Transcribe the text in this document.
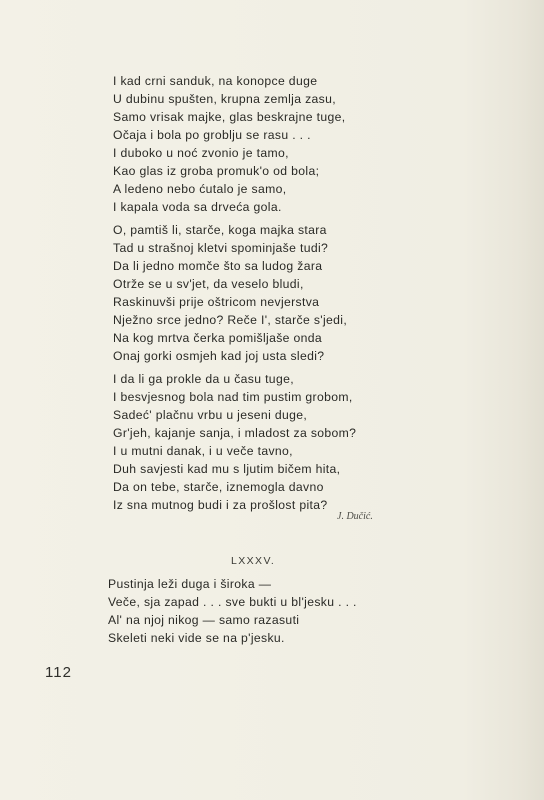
I kad crni sanduk, na konopce duge
U dubinu spušten, krupna zemlja zasu,
Samo vrisak majke, glas beskrajne tuge,
Očaja i bola po groblju se rasu . . .
I duboko u noć zvonio je tamo,
Kao glas iz groba promuk'o od bola;
A ledeno nebo ćutalo je samo,
I kapala voda sa drveća gola.
O, pamtiš li, starče, koga majka stara
Tad u strašnoj kletvi spominjaše tudi?
Da li jedno momče što sa ludog žara
Otrže se u sv'jet, da veselo bludi,
Raskinuvši prije oštricom nevjerstva
Nježno srce jedno? Reče I', starče s'jedi,
Na kog mrtva čerka pomišljaše onda
Onaj gorki osmjeh kad joj usta sledi?
I da li ga prokle da u času tuge,
I besvjesnog bola nad tim pustim grobom,
Sadeć' plačnu vrbu u jeseni duge,
Gr'jeh, kajanje sanja, i mladost za sobom?
I u mutni danak, i u veče tavno,
Duh savjesti kad mu s ljutim bičem hita,
Da on tebe, starče, iznemogla davno
Iz sna mutnog budi i za prošlost pita?
J. Dučić.
LXXXV.
Pustinja leži duga i široka —
Veče, sja zapad . . . sve bukti u bl'jesku . . .
Al' na njoj nikog — samo razasuti
Skeleti neki vide se na p'jesku.
112
